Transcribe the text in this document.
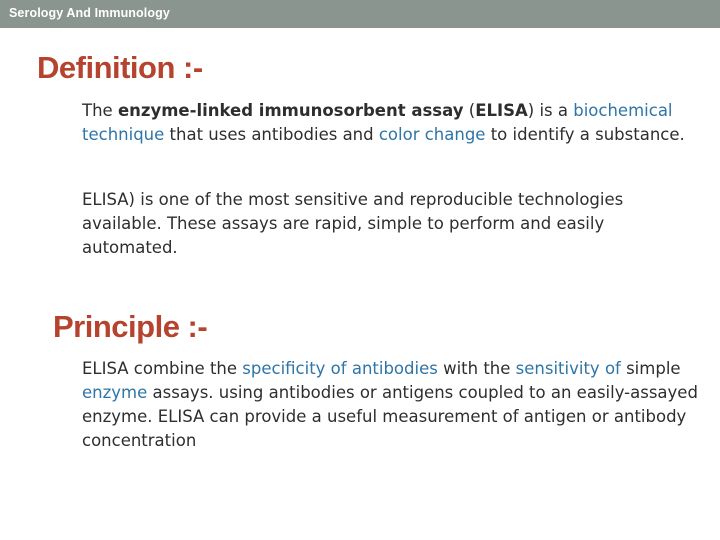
Serology And Immunology
Definition :-

The enzyme-linked immunosorbent assay (ELISA) is a biochemical technique that uses antibodies and color change to identify a substance.

ELISA) is one of the most sensitive and reproducible technologies available. These assays are rapid, simple to perform and easily automated.

Principle :-

ELISA combine the specificity of antibodies with the sensitivity of simple enzyme assays. using antibodies or antigens coupled to an easily-assayed enzyme. ELISA can provide a useful measurement of antigen or antibody concentration
